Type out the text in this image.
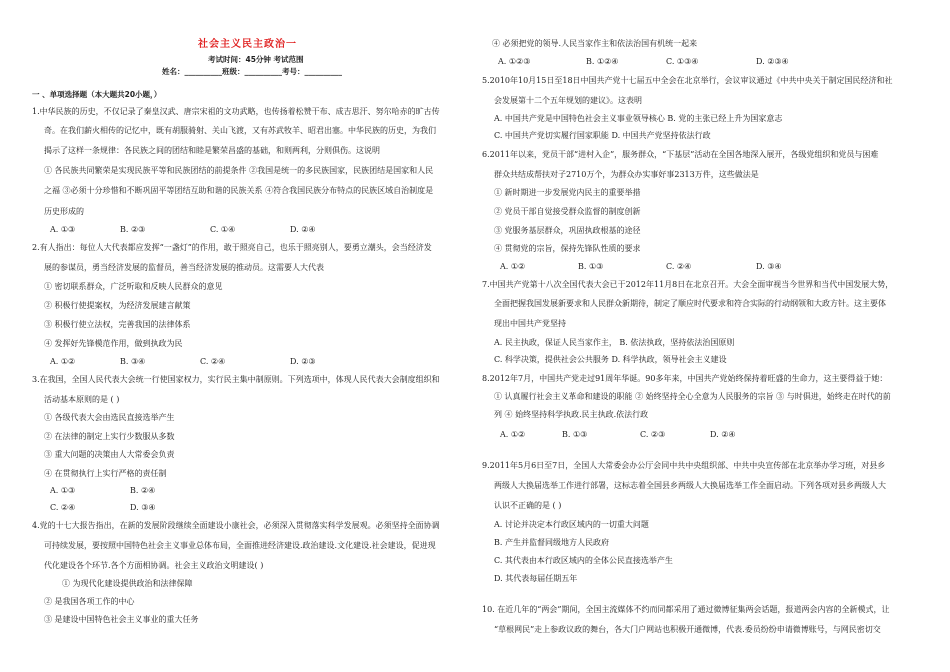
社会主义民主政治一
考试时间：45分钟 考试范围
姓名：__________班级：__________考号：__________
一 、单项选择题（本大题共20小题，）
1.中华民族的历史，不仅记录了秦皇汉武、唐宗宋祖的文功武略，也传扬着松赞干布、成吉思汗、努尔哈赤的旷古传
奇。在我们薪火相传的记忆中，既有胡服骑射、关山飞渡，又有苏武牧羊、昭君出塞。中华民族的历史，为我们
揭示了这样一条规律：各民族之间的团结和睦是繁荣昌盛的基础，和则两利，分则俱伤。这说明
① 各民族共同繁荣是实现民族平等和民族团结的前提条件 ②我国是统一的多民族国家，民族团结是国家和人民
之福 ③必须十分珍惜和不断巩固平等团结互助和谐的民族关系 ④符合我国民族分布特点的民族区域自治制度是
历史形成的
A. ①③	B. ②③	C. ①④	D. ②④
2.有人指出：每位人大代表都应发挥“一盏灯”的作用，敢于照亮自己，也乐于照亮别人，要勇立潮头，会当经济发
展的参谋员，勇当经济发展的监督员，善当经济发展的推动员。这需要人大代表
① 密切联系群众，广泛听取和反映人民群众的意见
② 积极行使提案权，为经济发展建言献策
③ 积极行使立法权，完善我国的法律体系
④ 发挥好先锋模范作用，做到执政为民
A. ①②	B. ③④	C. ②④	D. ②③
3.在我国，全国人民代表大会统一行使国家权力，实行民主集中制原则。下列选项中，体现人民代表大会制度组织和
活动基本原则的是 ( )
① 各级代表大会由选民直接选举产生
② 在法律的制定上实行少数服从多数
③ 重大问题的决策由人大常委会负责
④ 在贯彻执行上实行严格的责任制
A. ①③	B. ②④
C. ②④	D. ③④
4.党的十七大报告指出，在新的发展阶段继续全面建设小康社会，必须深入贯彻落实科学发展观。必须坚持全面协调
可持续发展，要按照中国特色社会主义事业总体布局，全面推进经济建设.政治建设.文化建设.社会建设，促进现
代化建设各个环节.各个方面相协调。社会主义政治文明建设( )
① 为现代化建设提供政治和法律保障
② 是我国各项工作的中心
③ 是建设中国特色社会主义事业的重大任务
④ 必须把党的领导.人民当家作主和依法治国有机统一起来
A. ①②③	B. ①②④	C. ①③④	D. ②③④
5.2010年10月15日至18日中国共产党十七届五中全会在北京举行，会议审议通过《中共中央关于制定国民经济和社
会发展第十二个五年规划的建议》。这表明
A. 中国共产党是中国特色社会主义事业领导核心 B. 党的主张已经上升为国家意志
C. 中国共产党切实履行国家职能 D. 中国共产党坚持依法行政
6.2011年以来，党员干部“进村入企”，服务群众，“下基层”活动在全国各地深入展开，各级党组织和党员与困难
群众共结成帮扶对子2710万个，为群众办实事好事2313万件，这些做法是
① 新时期进一步发展党内民主的重要举措
② 党员干部自觉接受群众监督的制度创新
③ 党服务基层群众，巩固执政根基的途径
④ 贯彻党的宗旨，保持先锋队性质的要求
A. ①②	B. ①③	C. ②④	D. ③④
7.中国共产党第十八次全国代表大会已于2012年11月8日在北京召开。大会全面审视当今世界和当代中国发展大势，
全面把握我国发展新要求和人民群众新期待，制定了顺应时代要求和符合实际的行动纲领和大政方针。这主要体
现出中国共产党坚持
A. 民主执政，保证人民当家作主， B. 依法执政，坚持依法治国原则
C. 科学决策，提供社会公共服务 D. 科学执政，领导社会主义建设
8.2012年7月，中国共产党走过91周年华诞。90多年来，中国共产党始终保持着旺盛的生命力，这主要得益于她：
① 认真履行社会主义革命和建设的职能 ② 始终坚持全心全意为人民服务的宗旨 ③ 与时俱进，始终走在时代的前
列 ④ 始终坚持科学执政.民主执政.依法行政
A. ①②	B. ①③	C. ②③	D. ②④
9.2011年5月6日至7日，全国人大常委会办公厅会同中共中央组织部、中共中央宣传部在北京举办学习班，对县乡
两级人大换届选举工作进行部署，这标志着全国县乡两级人大换届选举工作全面启动。下列各项对县乡两级人大
认识不正确的是 ( )
A. 讨论并决定本行政区域内的一切重大问题
B. 产生并监督同级地方人民政府
C. 其代表由本行政区域内的全体公民直接选举产生
D. 其代表每届任期五年
10. 在近几年的“两会”期间，全国主流媒体不约而同都采用了通过微博征集两会话题，报道两会内容的全新模式，让
“草根网民”走上参政议政的舞台，各大门户网站也积极开通微博，代表.委员纷纷申请微博账号，与网民密切交
